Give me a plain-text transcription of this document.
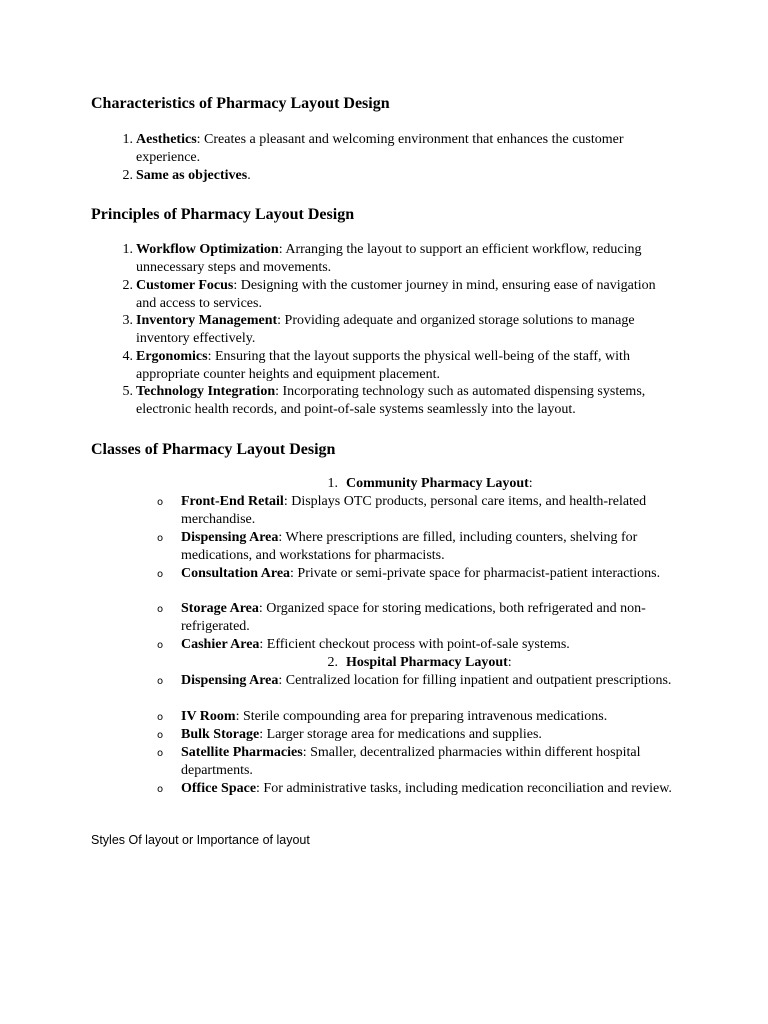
Characteristics of Pharmacy Layout Design
1. Aesthetics: Creates a pleasant and welcoming environment that enhances the customer experience.
2. Same as objectives.
Principles of Pharmacy Layout Design
1. Workflow Optimization: Arranging the layout to support an efficient workflow, reducing unnecessary steps and movements.
2. Customer Focus: Designing with the customer journey in mind, ensuring ease of navigation and access to services.
3. Inventory Management: Providing adequate and organized storage solutions to manage inventory effectively.
4. Ergonomics: Ensuring that the layout supports the physical well-being of the staff, with appropriate counter heights and equipment placement.
5. Technology Integration: Incorporating technology such as automated dispensing systems, electronic health records, and point-of-sale systems seamlessly into the layout.
Classes of Pharmacy Layout Design
1. Community Pharmacy Layout:
o Front-End Retail: Displays OTC products, personal care items, and health-related merchandise.
o Dispensing Area: Where prescriptions are filled, including counters, shelving for medications, and workstations for pharmacists.
o Consultation Area: Private or semi-private space for pharmacist-patient interactions.
o Storage Area: Organized space for storing medications, both refrigerated and non-refrigerated.
o Cashier Area: Efficient checkout process with point-of-sale systems.
2. Hospital Pharmacy Layout:
o Dispensing Area: Centralized location for filling inpatient and outpatient prescriptions.
o IV Room: Sterile compounding area for preparing intravenous medications.
o Bulk Storage: Larger storage area for medications and supplies.
o Satellite Pharmacies: Smaller, decentralized pharmacies within different hospital departments.
o Office Space: For administrative tasks, including medication reconciliation and review.
Styles Of layout or Importance of layout
